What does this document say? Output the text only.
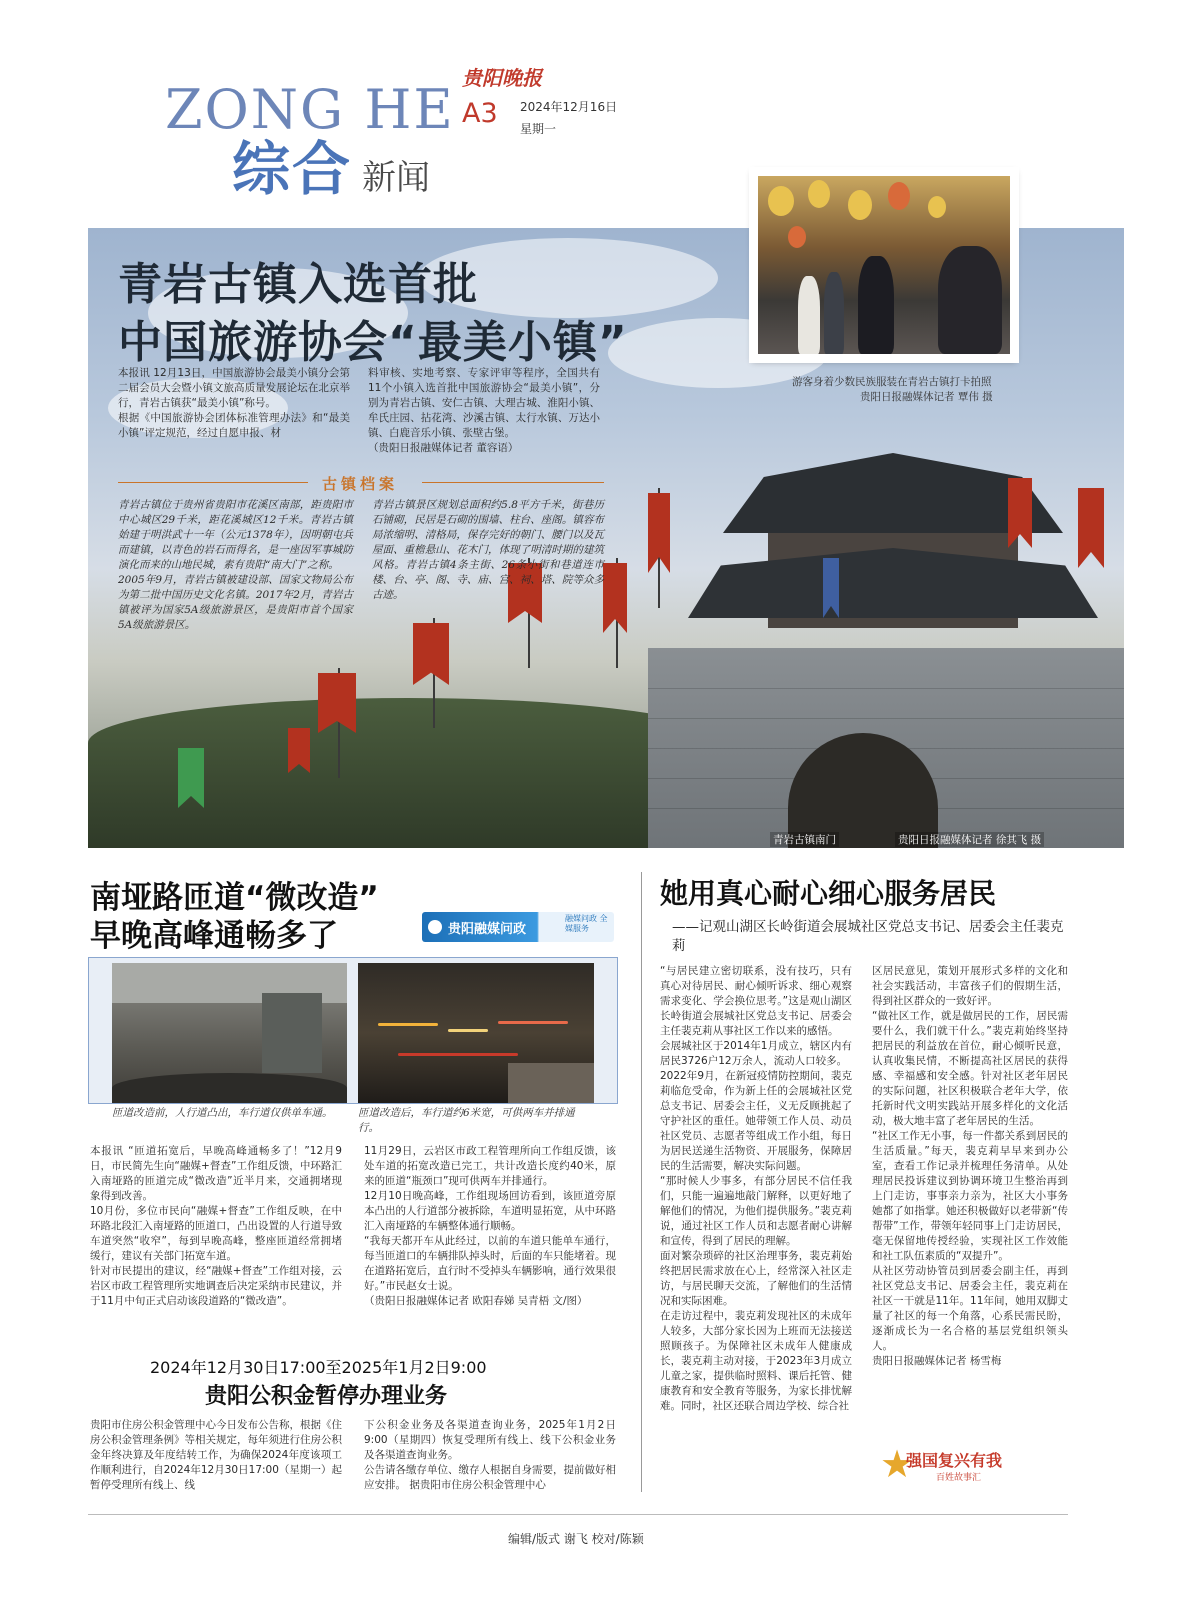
ZONG HE
综合 新闻
贵阳晚报
A3 2024年12月16日
星期一
青岩古镇入选首批
中国旅游协会“最美小镇”
本报讯 12月13日，中国旅游协会最美小镇分会第二届会员大会暨小镇文旅高质量发展论坛在北京举行，青岩古镇获“最美小镇”称号。
根据《中国旅游协会团体标准管理办法》和“最美小镇”评定规范，经过自愿申报、材
料审核、实地考察、专家评审等程序，全国共有11个小镇入选首批中国旅游协会“最美小镇”，分别为青岩古镇、安仁古镇、大理古城、淮阳小镇、牟氏庄园、拈花湾、沙溪古镇、太行水镇、万达小镇、白鹿音乐小镇、张壁古堡。
（贵阳日报融媒体记者 董容语）
古镇档案
青岩古镇位于贵州省贵阳市花溪区南部，距贵阳市中心城区29千米，距花溪城区12千米。青岩古镇始建于明洪武十一年（公元1378年），因明朝屯兵而建镇，以青色的岩石而得名，是一座因军事城防演化而来的山地民城，素有贵阳“南大门”之称。
2005年9月，青岩古镇被建设部、国家文物局公布为第二批中国历史文化名镇。2017年2月，青岩古镇被评为国家5A级旅游景区，是贵阳市首个国家5A级旅游景区。
青岩古镇景区规划总面积约5.8平方千米，街巷历石铺砌，民居是石砌的围墙、柱台、座阁。镇容布局浓缩明、清格局，保存完好的朝门、腰门以及瓦屋面、重檐悬山、花木门，体现了明清时期的建筑风格。青岩古镇4条主街、26条小街和巷道连市楼、台、亭、阁、寺、庙、宫、祠、塔、院等众多古迹。
游客身着少数民族服装在青岩古镇打卡拍照
贵阳日报融媒体记者 覃伟 摄
青岩古镇南门	贵阳日报融媒体记者 徐其飞 摄
南垭路匝道“微改造”
早晚高峰通畅多了	贵阳融媒问政
融媒问政 全媒服务
匝道改造前，人行道凸出，车行道仅供单车通。	匝道改造后，车行道约6米宽，可供两车并排通行。
本报讯 “匝道拓宽后，早晚高峰通畅多了！”12月9日，市民简先生向“融媒+督查”工作组反馈，中环路汇入南垭路的匝道完成“微改造”近半月来，交通拥堵现象得到改善。
10月份，多位市民向“融媒+督查”工作组反映，在中环路北段汇入南垭路的匝道口，凸出设置的人行道导致车道突然“收窄”，每到早晚高峰，整座匝道经常拥堵缓行，建议有关部门拓宽车道。
针对市民提出的建议，经“融媒+督查”工作组对接，云岩区市政工程管理所实地调查后决定采纳市民建议，并于11月中旬正式启动该段道路的“微改造”。
11月29日，云岩区市政工程管理所向工作组反馈，该处车道的拓宽改造已完工，共计改造长度约40米，原来的匝道“瓶颈口”现可供两车并排通行。
12月10日晚高峰，工作组现场回访看到，该匝道旁原本凸出的人行道部分被拆除，车道明显拓宽，从中环路汇入南垭路的车辆整体通行顺畅。
“我每天都开车从此经过，以前的车道只能单车通行，每当匝道口的车辆排队掉头时，后面的车只能堵着。现在道路拓宽后，直行时不受掉头车辆影响，通行效果很好。”市民赵女士说。
（贵阳日报融媒体记者 欧阳春娣 吴青梧 文/图）
2024年12月30日17:00至2025年1月2日9:00
贵阳公积金暂停办理业务
贵阳市住房公积金管理中心今日发布公告称，根据《住房公积金管理条例》等相关规定，每年须进行住房公积金年终决算及年度结转工作，为确保2024年度该项工作顺利进行，自2024年12月30日17:00（星期一）起暂停受理所有线上、线
下公积金业务及各渠道查询业务，2025年1月2日9:00（星期四）恢复受理所有线上、线下公积金业务及各渠道查询业务。
公告请各缴存单位、缴存人根据自身需要，提前做好相应安排。 据贵阳市住房公积金管理中心
她用真心耐心细心服务居民
——记观山湖区长岭街道会展城社区党总支书记、居委会主任裴克莉
“与居民建立密切联系，没有技巧，只有真心对待居民、耐心倾听诉求、细心观察需求变化、学会换位思考。”这是观山湖区长岭街道会展城社区党总支书记、居委会主任裴克莉从事社区工作以来的感悟。
会展城社区于2014年1月成立，辖区内有居民3726户12万余人，流动人口较多。
2022年9月，在新冠疫情防控期间，裴克莉临危受命，作为新上任的会展城社区党总支书记、居委会主任，义无反顾挑起了守护社区的重任。她带领工作人员、动员社区党员、志愿者等组成工作小组，每日为居民送递生活物资、开展服务，保障居民的生活需要，解决实际问题。
“那时候人少事多，有部分居民不信任我们，只能一遍遍地敲门解释，以更好地了解他们的情况，为他们提供服务。”裴克莉说，通过社区工作人员和志愿者耐心讲解和宣传，得到了居民的理解。
面对繁杂琐碎的社区治理事务，裴克莉始终把居民需求放在心上，经常深入社区走访，与居民聊天交流，了解他们的生活情况和实际困难。
在走访过程中，裴克莉发现社区的未成年人较多，大部分家长因为上班而无法接送照顾孩子。为保障社区未成年人健康成长，裴克莉主动对接，于2023年3月成立儿童之家，提供临时照料、课后托管、健康教育和安全教育等服务，为家长排忧解难。同时，社区还联合周边学校、综合社
区居民意见，策划开展形式多样的文化和社会实践活动，丰富孩子们的假期生活，得到社区群众的一致好评。
“做社区工作，就是做居民的工作，居民需要什么，我们就干什么。”裴克莉始终坚持把居民的利益放在首位，耐心倾听民意，认真收集民情，不断提高社区居民的获得感、幸福感和安全感。针对社区老年居民的实际问题，社区积极联合老年大学，依托新时代文明实践站开展多样化的文化活动，极大地丰富了老年居民的生活。
“社区工作无小事，每一件都关系到居民的生活质量。”每天，裴克莉早早来到办公室，查看工作记录并梳理任务清单。从处理居民投诉建议到协调环境卫生整治再到上门走访，事事亲力亲为，社区大小事务她都了如指掌。她还积极做好以老带新“传帮带”工作，带领年轻同事上门走访居民，毫无保留地传授经验，实现社区工作效能和社工队伍素质的“双提升”。
从社区劳动协管员到居委会副主任，再到社区党总支书记、居委会主任，裴克莉在社区一干就是11年。11年间，她用双脚丈量了社区的每一个角落，心系民需民盼，逐渐成长为一名合格的基层党组织领头人。
贵阳日报融媒体记者 杨雪梅
★
强国复兴有我
百姓故事汇
编辑/版式 谢飞 校对/陈颖
